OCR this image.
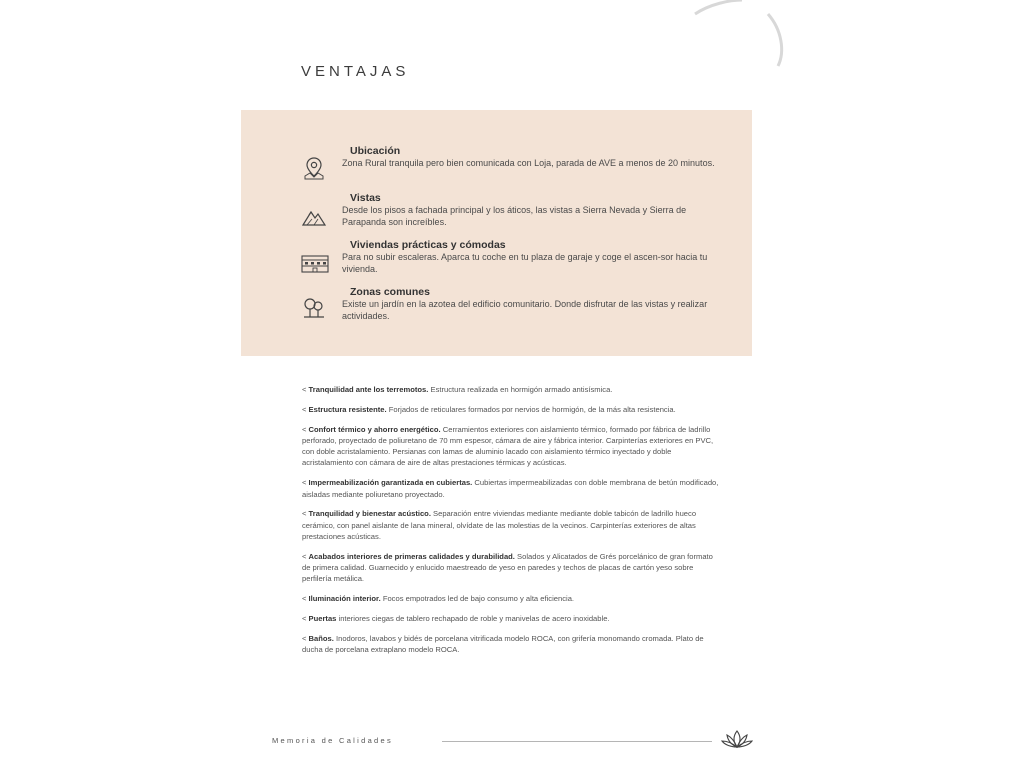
VENTAJAS
Ubicación
Zona Rural tranquila pero bien comunicada con Loja, parada de AVE a menos de 20 minutos.
Vistas
Desde los pisos a fachada principal y los áticos, las vistas a Sierra Nevada y Sierra de Parapanda son increíbles.
Viviendas prácticas y cómodas
Para no subir escaleras. Aparca tu coche en tu plaza de garaje y coge el ascen-sor hacia tu vivienda.
Zonas comunes
Existe un jardín en la azotea del edificio comunitario. Donde disfrutar de las vistas y realizar actividades.
< Tranquilidad ante los terremotos. Estructura realizada en hormigón armado antisísmica.
< Estructura resistente. Forjados de reticulares formados por nervios de hormigón, de la más alta resistencia.
< Confort térmico y ahorro energético. Cerramientos exteriores con aislamiento térmico, formado por fábrica de ladrillo perforado, proyectado de poliuretano de 70 mm espesor, cámara de aire y fábrica interior. Carpinterías exteriores en PVC, con doble acristalamiento. Persianas con lamas de aluminio lacado con aislamiento térmico inyectado y doble acristalamiento con cámara de aire de altas prestaciones térmicas y acústicas.
< Impermeabilización garantizada en cubiertas. Cubiertas impermeabilizadas con doble membrana de betún modificado, aisladas mediante poliuretano proyectado.
< Tranquilidad y bienestar acústico. Separación entre viviendas mediante mediante doble tabicón de ladrillo hueco cerámico, con panel aislante de lana mineral, olvídate de las molestias de la vecinos. Carpinterías exteriores de altas prestaciones acústicas.
< Acabados interiores de primeras calidades y durabilidad. Solados y Alicatados de Grés porcelánico de gran formato de primera calidad. Guarnecido y enlucido maestreado de yeso en paredes y techos de placas de cartón yeso sobre perfilería metálica.
< Iluminación interior. Focos empotrados led de bajo consumo y alta eficiencia.
< Puertas interiores ciegas de tablero rechapado de roble y manivelas de acero inoxidable.
< Baños. Inodoros, lavabos y bidés de porcelana vitrificada modelo ROCA, con grifería monomando cromada. Plato de ducha de porcelana extraplano modelo ROCA.
Memoria de Calidades
